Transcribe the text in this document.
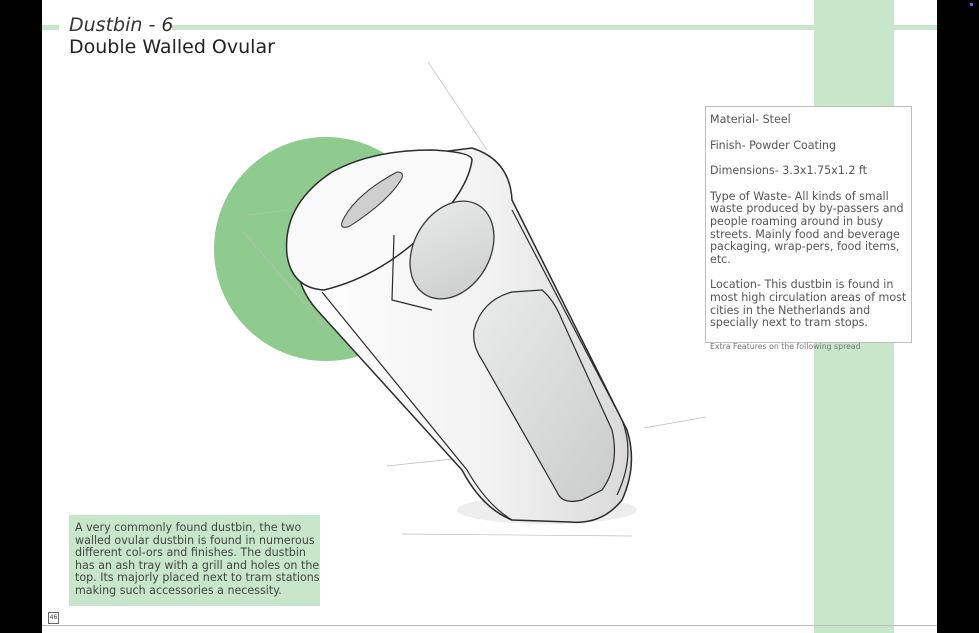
Dustbin - 6
Double Walled Ovular

Material- Steel

Finish- Powder Coating

Dimensions- 3.3x1.75x1.2 ft

Type of Waste- All kinds of small waste produced by by-passers and people roaming around in busy streets. Mainly food and beverage packaging, wrap-pers, food items, etc.

Location- This dustbin is found in most high circulation areas of most cities in the Netherlands and specially next to tram stops.

Extra Features on the following spread

A very commonly found dustbin, the two walled ovular dustbin is found in numerous different col-ors and finishes. The dustbin has an ash tray with a grill and holes on the top. Its majorly placed next to tram stations making such accessories a necessity.
46
